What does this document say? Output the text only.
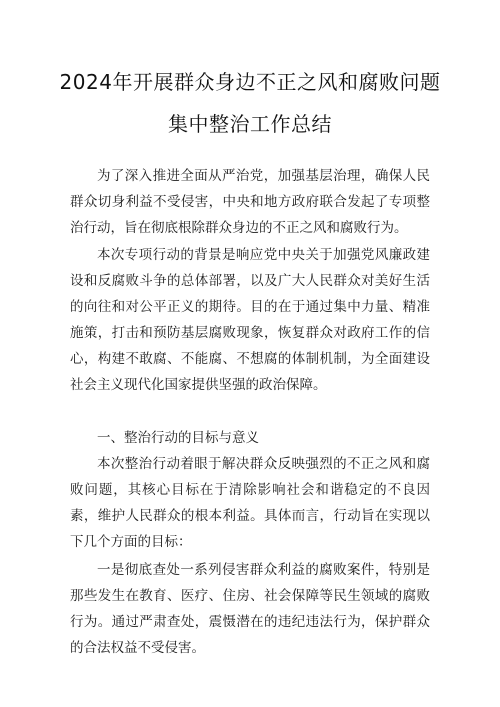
2024年开展群众身边不正之风和腐败问题
集中整治工作总结

为了深入推进全面从严治党，加强基层治理，确保人民群众切身利益不受侵害，中央和地方政府联合发起了专项整治行动，旨在彻底根除群众身边的不正之风和腐败行为。

本次专项行动的背景是响应党中央关于加强党风廉政建设和反腐败斗争的总体部署，以及广大人民群众对美好生活的向往和对公平正义的期待。目的在于通过集中力量、精准施策，打击和预防基层腐败现象，恢复群众对政府工作的信心，构建不敢腐、不能腐、不想腐的体制机制，为全面建设社会主义现代化国家提供坚强的政治保障。

一、整治行动的目标与意义

本次整治行动着眼于解决群众反映强烈的不正之风和腐败问题，其核心目标在于清除影响社会和谐稳定的不良因素，维护人民群众的根本利益。具体而言，行动旨在实现以下几个方面的目标：

一是彻底查处一系列侵害群众利益的腐败案件，特别是那些发生在教育、医疗、住房、社会保障等民生领域的腐败行为。通过严肃查处，震慑潜在的违纪违法行为，保护群众的合法权益不受侵害。
